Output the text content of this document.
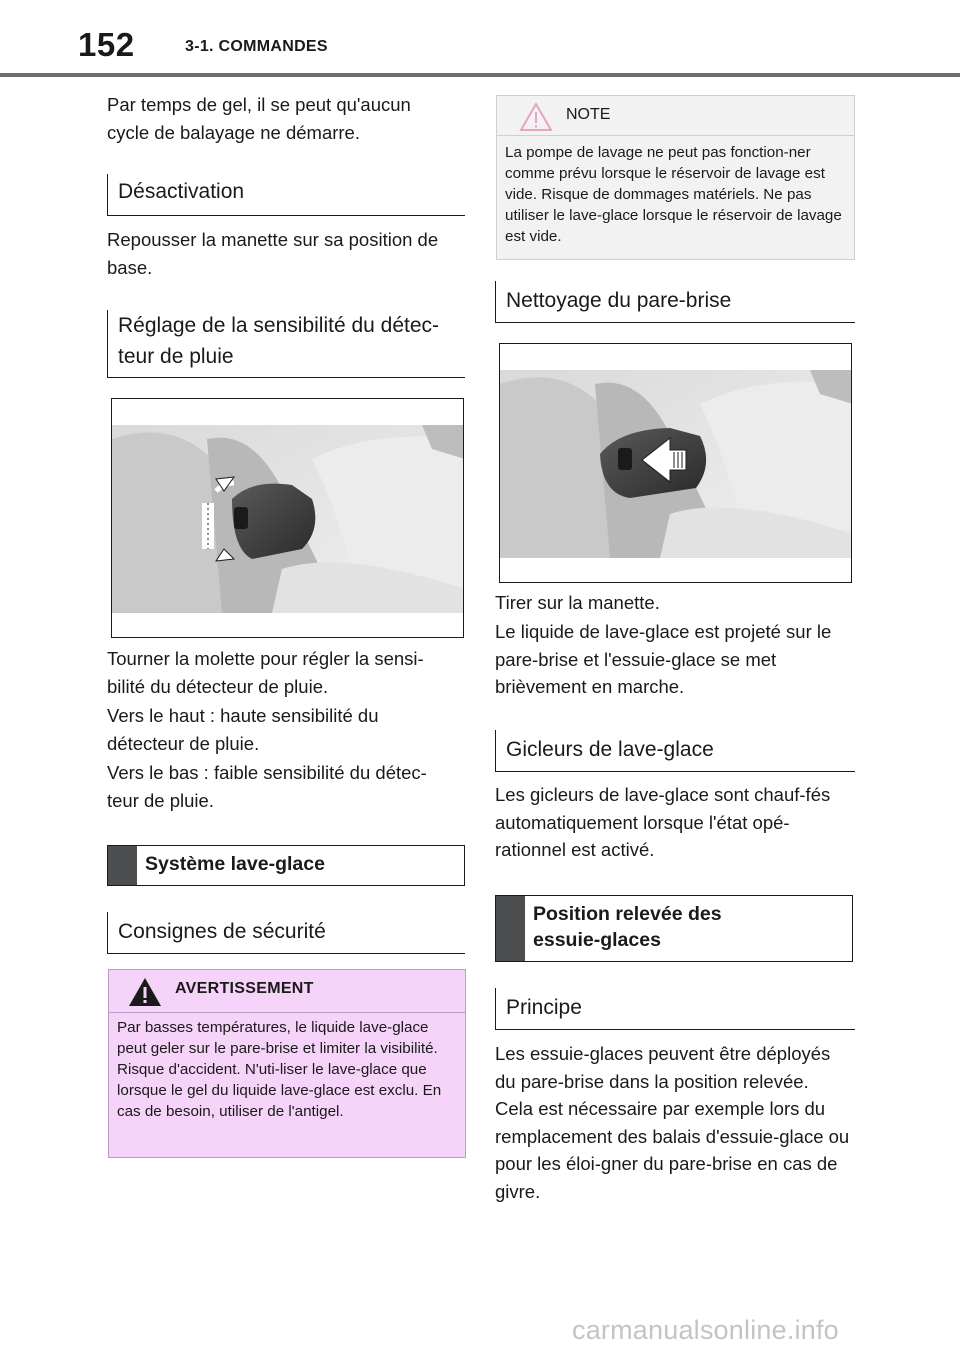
152	3-1. COMMANDES

Par temps de gel, il se peut qu'aucun cycle de balayage ne démarre.

Désactivation

Repousser la manette sur sa position de base.

Réglage de la sensibilité du détec-
teur de pluie

Tourner la molette pour régler la sensi-bilité du détecteur de pluie.

Vers le haut : haute sensibilité du détecteur de pluie.

Vers le bas : faible sensibilité du détec-teur de pluie.

Système lave-glace
Consignes de sécurité
AVERTISSEMENT
Par basses températures, le liquide lave-glace peut geler sur le pare-brise et limiter la visibilité. Risque d'accident. N'uti-liser le lave-glace que lorsque le gel du liquide lave-glace est exclu. En cas de besoin, utiliser de l'antigel.
NOTE
La pompe de lavage ne peut pas fonction-ner comme prévu lorsque le réservoir de lavage est vide. Risque de dommages matériels. Ne pas utiliser le lave-glace lorsque le réservoir de lavage est vide.
Nettoyage du pare-brise

Tirer sur la manette.

Le liquide de lave-glace est projeté sur le pare-brise et l'essuie-glace se met brièvement en marche.

Gicleurs de lave-glace

Les gicleurs de lave-glace sont chauf-fés automatiquement lorsque l'état opé-rationnel est activé.

Position relevée des
essuie-glaces
Principe

Les essuie-glaces peuvent être déployés du pare-brise dans la position relevée. Cela est nécessaire par exemple lors du remplacement des balais d'essuie-glace ou pour les éloi-gner du pare-brise en cas de givre.

carmanualsonline.info
